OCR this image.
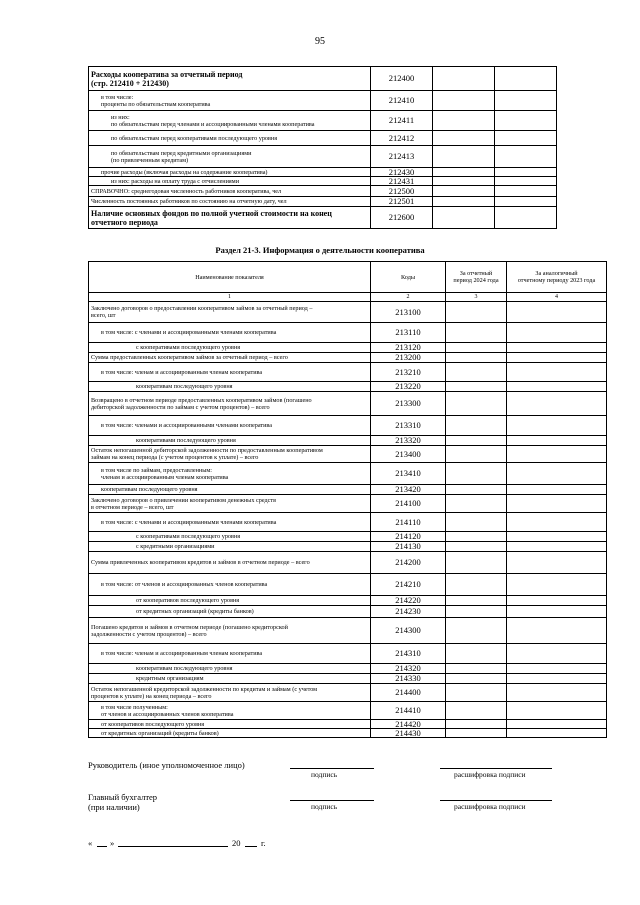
95
Расходы кооператива за отчетный период
(стр. 212410 + 212430)	212400		
в том числе:
проценты по обязательствам кооператива	212410		
из них:
по обязательствам перед членами и ассоциированными членами кооператива	212411		
по обязательствам перед кооперативами последующего уровня	212412		
по обязательствам перед кредитными организациями
(по привлеченным кредитам)	212413		
прочие расходы (включая расходы на содержание кооператива)	212430		
из них: расходы на оплату труда с отчислениями	212431		
СПРАВОЧНО: среднегодовая численность работников кооператива, чел	212500		
Численность постоянных работников по состоянию на отчетную дату, чел	212501		
Наличие основных фондов по полной учетной стоимости на конец
отчетного периода	212600		
Раздел 21-3. Информация о деятельности кооператива
Наименование показателя	Коды	За отчетный
период 2024 года	За аналогичный
отчетному периоду 2023 года
1	2	3	4
Заключено договоров о предоставлении кооперативом займов за отчетный период –
всего, шт	213100		
в том числе: с членами и ассоциированными членами кооператива	213110		
с кооперативами последующего уровня	213120		
Сумма предоставленных кооперативом займов за отчетный период – всего	213200		
в том числе: членам и ассоциированным членам кооператива	213210		
кооперативам последующего уровня	213220		
Возвращено в отчетном периоде предоставленных кооперативом займов (погашено
дебиторской задолженности по займам с учетом процентов) – всего	213300		
в том числе: членами и ассоциированными членами кооператива	213310		
кооперативами последующего уровня	213320		
Остаток непогашенной дебиторской задолженности по предоставленным кооперативом
займам на конец периода (с учетом процентов к уплате) – всего	213400		
в том числе по займам, предоставленным:
членам и ассоциированным членам кооператива	213410		
кооперативам последующего уровня	213420		
Заключено договоров о привлечении кооперативом денежных средств
в отчетном периоде – всего, шт	214100		
в том числе: с членами и ассоциированными членами кооператива	214110		
с кооперативами последующего уровня	214120		
с кредитными организациями	214130		
Сумма привлеченных кооперативом кредитов и займов в отчетном периоде – всего	214200		
в том числе: от членов и ассоциированных членов кооператива	214210		
от кооперативов последующего уровня	214220		
от кредитных организаций (кредиты банков)	214230		
Погашено кредитов и займов в отчетном периоде (погашено кредиторской
задолженности с учетом процентов) – всего	214300		
в том числе: членам и ассоциированным членам кооператива	214310		
кооперативам последующего уровня	214320		
кредитным организациям	214330		
Остаток непогашенной кредиторской задолженности по кредитам и займам (с учетом
процентов к уплате) на конец периода – всего	214400		
в том числе полученным:
от членов и ассоциированных членов кооператива	214410		
от кооперативов последующего уровня	214420		
от кредитных организаций (кредиты банков)	214430		
Руководитель (иное уполномоченное лицо)
подпись	расшифровка подписи
Главный бухгалтер
(при наличии)	подпись	расшифровка подписи
« »	20 г.
